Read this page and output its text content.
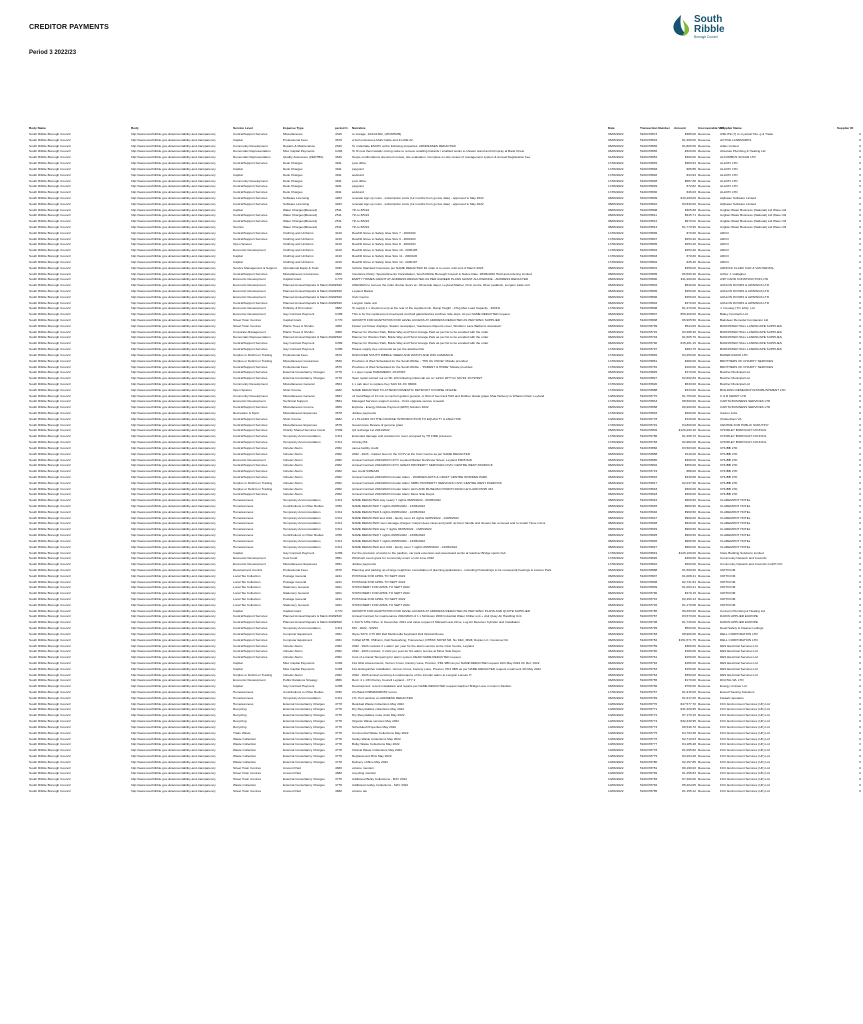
CREDITOR PAYMENTS
Period 3 2022/23
South
Ribble
Borough Council
Body Name	Body	Service Level	Expense Type	period C.	Narrative	Date	Transaction Number	Amount	Irrecoverable VAT	Supplier Name	Supplier ID
South Ribble Borough Council	http://www.southribble.gov.uk/accountability-and-transparency	Central/Support Services	Miscellaneous	4h45	to storage, 10/11/1362, (JP23/5635)	06/06/2022	5100478873	€385.00	Revenue	AIRLITE (?) to mystical Tdu..g & Trade	0
South Ribble Borough Council	http://www.southribble.gov.uk/accountability-and-transparency	Capital	Professional Fees	4576	a Full enclosures Multi Cable and Z-LINE 22	06/06/2022	5100478834	€1,366.00	Revenue	ACTIVE LANDMARKS	0
South Ribble Borough Council	http://www.southribble.gov.uk/accountability-and-transparency	Community Development	Repairs & Maintenance	2620	To undertake ESCPV at the following properties: ADDRESSES REDACTED	06/06/2022	5100478836	€1,800.00	Revenue	Adlec Limited	0
South Ribble Borough Council	http://www.southribble.gov.uk/accountability-and-transparency	Democratic Representation	Misc Capital Payments	C284	To fit new thermostatic mixing valve to remove scalding hazards / enabled works to shower stand and full spray at Bank Chest	06/06/2022	5100478865	€320.00	Revenue	Absolute Plumbing & Heating Ltd	0
South Ribble Borough Council	http://www.southribble.gov.uk/accountability-and-transparency	Democratic Representation	Quality Assurance (CEDTBS)	4546	Scope confirmations document review, site evaluation. Complete on-site review of management system & Annual Registration Fee	01/06/2022	5100478854	€360.00	Revenue	ALCOMBUS SOCAR LTD	0
South Ribble Borough Council	http://www.southribble.gov.uk/accountability-and-transparency	Central/Support Services	Desk Charges	4911	post office	17/06/2022	5100478845	€380.54	Revenue	ALLPAY LTD	0
South Ribble Borough Council	http://www.southribble.gov.uk/accountability-and-transparency	Capital	Desk Charges	4911	paypoint	17/06/2022	5100478848	€65.85	Revenue	ALLPAY LTD	0
South Ribble Borough Council	http://www.southribble.gov.uk/accountability-and-transparency	Capital	Desk Charges	4911	webcard	17/06/2022	5100478846	€43.93	Revenue	ALLPAY LTD	0
South Ribble Borough Council	http://www.southribble.gov.uk/accountability-and-transparency	Community Development	Desk Charges	4911	post office	17/06/2022	5100478828	€587.68	Revenue	ALLPAY LTD	0
South Ribble Borough Council	http://www.southribble.gov.uk/accountability-and-transparency	Central/Support Services	Desk Charges	4911	paypoint	17/06/2022	5100478829	€72.82	Revenue	ALLPAY LTD	0
South Ribble Borough Council	http://www.southribble.gov.uk/accountability-and-transparency	Central/Support Services	Desk Charges	4911	webcard	17/06/2022	5100478830	€46.03	Revenue	ALLPAY LTD	0
South Ribble Borough Council	http://www.southribble.gov.uk/accountability-and-transparency	Central/Support Services	Software Licensing	4263	renewal sign up costs - subscription costs (12 months from go live date) - approved in May 2022	08/06/2022	5100478809	€10,460.00	Revenue	Alphatec Software Limited	0
South Ribble Borough Council	http://www.southribble.gov.uk/accountability-and-transparency	Central/Support Services	Software Licensing	4263	renewal sign up costs - subscription costs (12 months from go live date) - approved in May 2022	08/06/2022	5100478810	€3,830.00	Revenue	Alphatec Software Limited	0
South Ribble Borough Council	http://www.southribble.gov.uk/accountability-and-transparency	Capital	Water Charges(Metered)	2511	7th to 8/5/22	08/06/2022	5100478808	€305.68	Revenue	Anglian Water Business (National) Ltd Wave Util	0
South Ribble Borough Council	http://www.southribble.gov.uk/accountability-and-transparency	Central/Support Services	Water Charges(Metered)	2511	7th to 8/5/22	08/06/2022	5100478811	€945.71	Revenue	Anglian Water Business (National) Ltd Wave Util	0
South Ribble Borough Council	http://www.southribble.gov.uk/accountability-and-transparency	Central/Support Services	Water Charges(Metered)	2511	7th to 8/5/22	08/06/2022	5100478812	€970.02	Revenue	Anglian Water Business (National) Ltd Wave Util	0
South Ribble Borough Council	http://www.southribble.gov.uk/accountability-and-transparency	Tourism	Water Charges(Metered)	2511	7th to 8/5/22	08/06/2022	5100478813	€1,770.99	Revenue	Anglian Water Business (National) Ltd Wave Util	0
South Ribble Borough Council	http://www.southribble.gov.uk/accountability-and-transparency	Central/Support Services	Clothing and Uniforms	4410	Rowhill Glove to Safety Glue Size 7 - 2000102	17/06/2022	5100478806	€70.60	Revenue	ARCO	0
South Ribble Borough Council	http://www.southribble.gov.uk/accountability-and-transparency	Central/Support Services	Clothing and Uniforms	4410	Rowhill Glove to Safety Glue Size 9 - 2000103	17/06/2022	5100478807	€253.40	Revenue	ARCO	0
South Ribble Borough Council	http://www.southribble.gov.uk/accountability-and-transparency	Open Spaces	Clothing and Uniforms	4410	Rowhill Glove to Safety Glue Size 8 - 2000104	17/06/2022	5100478805	€253.40	Revenue	ARCO	0
South Ribble Borough Council	http://www.southribble.gov.uk/accountability-and-transparency	Economic Development	Clothing and Uniforms	4410	Rowhill Glove to Safety Glue Size 10 - 2000105	17/06/2022	5100478804	€253.40	Revenue	ARCO	0
South Ribble Borough Council	http://www.southribble.gov.uk/accountability-and-transparency	Capital	Clothing and Uniforms	4410	Rowhill Glove to Safety Glue Size 11 - 2000106	17/06/2022	5100478803	€70.60	Revenue	ARCO	0
South Ribble Borough Council	http://www.southribble.gov.uk/accountability-and-transparency	Capital	Clothing and Uniforms	4410	Rowhill Glove to Safety Glue Size 12 - 2000107	17/06/2022	5100478802	€35.40	Revenue	ARCO	0
South Ribble Borough Council	http://www.southribble.gov.uk/accountability-and-transparency	Service Management & Support	Operational Equip & Tools	4330	Vehicle Standard Insurance per NAME REDACTED Fit order is to cover until end of March 2023	08/06/2022	5100478801	€456.00	Revenue	ARNOLD CLARK CAR & VAN RENTAL	0
South Ribble Borough Council	http://www.southribble.gov.uk/accountability-and-transparency	Central/Support Services	Miscellaneous Insurances	4530	Insurance Policy: Special Events Cancellation, South Ribble Borough Council & Notice Date: 28/06/2022 Hard and ordering Limited	08/06/2022	5100478805	€6,500.40	Revenue	Arthur J. Gallagher	0
South Ribble Borough Council	http://www.southribble.gov.uk/accountability-and-transparency	Economic Development	Capital Grant	C770	EMPTY HOMES GRANT AT ADDRESS REDACTED AS PER AGREED PLANS GRANT ALLOWANCE - ADDRESS REDACTED	08/06/2022	5100478800	€11,200.00	Revenue	ASH CANN CONSTRUCTION LTD	0
South Ribble Borough Council	http://www.southribble.gov.uk/accountability-and-transparency	Economic Development	Planned Annual Repairs & Maint 2020	2620	2022/2023 to remove the roller shutter doors at - Riverside depot, Leyland Market, Civic centre, River paddock, Longton trade unit	06/06/2022	5100478804	€540.00	Revenue	AVALON DOORS & AWNINGS LTD	0
South Ribble Borough Council	http://www.southribble.gov.uk/accountability-and-transparency	Economic Development	Planned Annual Repairs & Maint 2020	2620	Leyland Market	06/06/2022	5100478805	€450.00	Revenue	AVALON DOORS & AWNINGS LTD	0
South Ribble Borough Council	http://www.southribble.gov.uk/accountability-and-transparency	Economic Development	Planned Annual Repairs & Maint 2020	2620	Civic Centre	06/06/2022	5100478806	€450.00	Revenue	AVALON DOORS & AWNINGS LTD	0
South Ribble Borough Council	http://www.southribble.gov.uk/accountability-and-transparency	Central/Support Services	Planned Annual Repairs & Maint 2020	2620	Longton trade unit	06/06/2022	5100478804	€470.00	Revenue	AVALON DOORS & AWNINGS LTD	0
South Ribble Borough Council	http://www.southribble.gov.uk/accountability-and-transparency	Economic Development	Publicity & Promotion	4862	To supply 1 x chestnut emp at the rear of the supplied min. Ramp Height - 27kg Max Load Capacity - 400KG	17/06/2022	5100478808	€1,470.00	Revenue	J. Conway (Trn Lifts), Ltd	0
South Ribble Borough Council	http://www.southribble.gov.uk/accountability-and-transparency	Economic Development	Gay Contract Payment	C289	This is for the replacement tree/repair and ball glaze/desires at Miner side deps. As per NAME REDACTED request	06/06/2022	5100478807	€59,400.00	Revenue	Bailey Contracts Ltd	0
South Ribble Borough Council	http://www.southribble.gov.uk/accountability-and-transparency	Street Town Centres	Capital Grant	C770	GROWTH FOR ADAPTATION FOR LEVEL ACCESS AT ADDRESS REDACTED AS PER SPEC SUPPLIED	06/06/2022	5100478808	€6,905.50	Revenue	Baindeen Remodel Companion Ltd	0
South Ribble Borough Council	http://www.southribble.gov.uk/accountability-and-transparency	Street Town Centres	Plants Trees & Shrubs	4066	Flower pot flower displays, Station newspaper, 'Gardeners Reports cover, Worldern Lane Balloons downtown'	06/06/2022	5100478799	€544.05	Revenue	BANNISTER HALL LANDSCAPE SUPPLIES	0
South Ribble Borough Council	http://www.southribble.gov.uk/accountability-and-transparency	Corporate Management	Plants Trees & Shrubs	4066	Planner for Worden Park, Bolde Way and Hurst Grange Park as per list to be emailed with the order	06/06/2022	5100478791	€3,388.40	Revenue	BANNISTER HALL LANDSCAPE SUPPLIES	0
South Ribble Borough Council	http://www.southribble.gov.uk/accountability-and-transparency	Democratic Representation	Planned Annual Repairs & Maint 2020	2620	Planner for Worden Park, Bolde Way and Hurst Grange Park as per list to be emailed with the order	06/06/2022	5100478703	€1,565.70	Revenue	BANNISTER HALL LANDSCAPE SUPPLIES	0
South Ribble Borough Council	http://www.southribble.gov.uk/accountability-and-transparency	Central/Support Services	Gay Contract Payment	C289	Planner for Worden Park, Bolde Way and Hurst Grange Park as per list to be emailed with the order	06/06/2022	5100478790	€15,461.15	Revenue	BANNISTER HALL LANDSCAPE SUPPLIES	0
South Ribble Borough Council	http://www.southribble.gov.uk/accountability-and-transparency	Central/Support Services	Gay Contract Payment	C289	Please supply tree surrounds as per the attached list	17/06/2022	5100478797	€384.75	Revenue	BANNISTER HALL LANDSCAPE SUPPLIES	0
South Ribble Borough Council	http://www.southribble.gov.uk/accountability-and-transparency	Surplus or Deficit on Trading	Professional Fees	4576	DISCOVER SOUTH RIBBLE: WEED AND WATCH AND WIN CAMPAIGN	17/06/2022	5100478846	€3,450.00	Revenue	BAKER RADIO LTD	0
South Ribble Borough Council	http://www.southribble.gov.uk/accountability-and-transparency	Surplus or Deficit on Trading	Miscellaneous Insurances	4530	Provision of Wed Scheduled for the South Ribble - "HW 3G VOICE" Missile provided	17/06/2022	5100478861	€480.00	Revenue	BROTHERS OF CHARITY SERVICES	0
South Ribble Borough Council	http://www.southribble.gov.uk/accountability-and-transparency	Central/Support Services	Professional Fees	4576	Provision of Wed Scheduled for the South Ribble - "PARENT & HOME" Missile provided	17/06/2022	5100478781	€100.00	Revenue	BROTHERS OF CHARITY SERVICES	0
South Ribble Borough Council	http://www.southribble.gov.uk/accountability-and-transparency	Central/Support Services	External Consultancy Charges	4778	1 x spec repair PARAMEDIC J/C0796T	06/06/2022	5100478825	€170.00	Revenue	Butcher Municipal Ltd	0
South Ribble Borough Council	http://www.southribble.gov.uk/accountability-and-transparency	Central/Support Services	External Consultancy Charges	4778	Spec repair carried out on SK 123 following initial call out on 14/12/ 20?? for SK7Z2 J/C797827	06/06/2022	5100478827	€2,602.69	Revenue	Butcher Municipal Ltd	0
South Ribble Borough Council	http://www.southribble.gov.uk/accountability-and-transparency	Community Development	Miscellaneous General	4564	1 x cab door to replace Key SAN K4 J/C 96004	17/06/2022	5100478820	€630.00	Revenue	Butcher Municipal Ltd	0
South Ribble Borough Council	http://www.southribble.gov.uk/accountability-and-transparency	Open Spaces	Short Course	4482	NAME REDACTED TO ATTEND DOMESTIC RETROFIT COURSE ONLINE	17/06/2022	5100478888	€333.00	Revenue	BUILDING RESEARCH ESTABLISHMENT LTD	0
South Ribble Borough Council	http://www.southribble.gov.uk/accountability-and-transparency	Community Development	Miscellaneous General	4564	x4 Gold Bags of 10 mix to comfort golden general, or Roll of two track 5G6 and Rubber shade grape Shar Delivery to Wharton Park, Leyland	10/06/2022	5100478770	€1,750.00	Revenue	C & R KERRY LTD	0
South Ribble Borough Council	http://www.southribble.gov.uk/accountability-and-transparency	Economic Development	Technical Support	4564	Managed Services support service - Point upgrade service renewal	17/06/2022	5100478843	€8,590.00	Revenue	CAPITA BUSINESS SERVICES LTD	0
South Ribble Borough Council	http://www.southribble.gov.uk/accountability-and-transparency	Central/Support Services	Miscellaneous Income	4659	Exprivia - Energy Rebate Payment (EPR) Solution 2022	06/06/2022	5100478858	€9,900.00	Revenue	CAPITA BUSINESS SERVICES LTD	0
South Ribble Borough Council	http://www.southribble.gov.uk/accountability-and-transparency	Recreation & Sport	Miscellaneous Expenses	4578	Jubilee payments	17/06/2022	5100478833	€200.00	Revenue	Caxton Jobs	0
South Ribble Borough Council	http://www.southribble.gov.uk/accountability-and-transparency	Central/Support Services	Short Course	4482	2 x PLACES ON THE COURSE 'INTRODUCTION TO EQUALITY & ANALYSIS'	10/06/2022	5100478778	€120.00	Revenue	Cheltenham VA	0
South Ribble Borough Council	http://www.southribble.gov.uk/accountability-and-transparency	Central/Support Services	Miscellaneous Expenses	4578	Governance Review of genuine grant	17/06/2022	5100478791	€4,800.00	Revenue	CENTRE FOR PUBLIC SCRUTINY	0
South Ribble Borough Council	http://www.southribble.gov.uk/accountability-and-transparency	Central/Support Services	Charity Shared Services Costs	C599	Q4 recharge 1st 2021/2022	06/06/2022	5100478802	€126,200.10	Revenue	CHORLEY BOROUGH COUNCIL	0
South Ribble Borough Council	http://www.southribble.gov.uk/accountability-and-transparency	Central/Support Services	Temporary Accommodation	C311	Extended damage and cutdown for room occupied by TH FIRE prisoners	17/06/2022	5100478786	€1,368.70	Revenue	CHORLEY BOROUGH COUNCIL	0
South Ribble Borough Council	http://www.southribble.gov.uk/accountability-and-transparency	Central/Support Services	Temporary Accommodation	C311	Chorley B3	17/06/2022	5100478784	€2,982.00	Revenue	CHORLEY BOROUGH COUNCIL	0
South Ribble Borough Council	http://www.southribble.gov.uk/accountability-and-transparency	Central/Support Services	Intruder Alarm	2062	canoe facility credit	08/06/2022	5100478866	€3,503.00	Revenue	CHUBB LTD	0
South Ribble Borough Council	http://www.southribble.gov.uk/accountability-and-transparency	Central/Support Services	Intruder Alarm	2062	2022 - 2023 - Callout fees for the CCTV at the Civic Centre as per NAME REDACTED	06/06/2022	5100478858	€110.00	Revenue	CHUBB LTD	0
South Ribble Borough Council	http://www.southribble.gov.uk/accountability-and-transparency	Economic Development	Intruder Alarm	2062	Annual Contract 2022/2023 CCTV Leyland Market Northcote Street, Leyland PR25 8AK	06/06/2022	5100478850	€306.00	Revenue	CHUBB LTD	0
South Ribble Borough Council	http://www.southribble.gov.uk/accountability-and-transparency	Central/Support Services	Intruder Alarm	2062	Annual Contract 2022/2023 CCTV GREAT PROPERTY SERVICES CIVIC CENTRE WEST PADDOCK	06/06/2022	5100478802	€350.00	Revenue	CHUBB LTD	0
South Ribble Borough Council	http://www.southribble.gov.uk/accountability-and-transparency	Central/Support Services	Intruder Alarm	2062	see credit 5/0B/A38	06/06/2022	5100478719	€88.00	Revenue	CHUBB LTD	0
South Ribble Borough Council	http://www.southribble.gov.uk/accountability-and-transparency	Central/Support Services	Intruder Alarm	2062	Annual Contract 2022/2023 Intruder Alarm - WORDEN ARTS & CRAFT CENTRE WORDEN PARK	06/06/2022	5100478816	€330.68	Revenue	CHUBB LTD	0
South Ribble Borough Council	http://www.southribble.gov.uk/accountability-and-transparency	Surplus or Deficit on Trading	Intruder Alarm	2062	Annual Contract 2022/2023 Intruder Alarm SRBC PROPERTY SERVICES CIVIC CENTRE WEST PADDOCK	06/06/2022	5100478817	€2,037.90	Revenue	CHUBB LTD	0
South Ribble Borough Council	http://www.southribble.gov.uk/accountability-and-transparency	Surplus or Deficit on Trading	Intruder Alarm	2062	Annual Contract 2022/2023 Intruder Alarm LEYLAND MUSEUM CHURCH ROAD LEYLAND PR25 3FJ	06/06/2022	5100478818	€360.00	Revenue	CHUBB LTD	0
South Ribble Borough Council	http://www.southribble.gov.uk/accountability-and-transparency	Central/Support Services	Intruder Alarm	2062	Annual Contract 2022/2023 Intruder Alarm Moss Side Depot	06/06/2022	5100478823	€350.00	Revenue	CHUBB LTD	0
South Ribble Borough Council	http://www.southribble.gov.uk/accountability-and-transparency	Homelessness	Temporary Accommodation	C311	NAME REDACTED stay nearly 7 nights 06/05/2022 - 09/05/2022	08/06/2022	5100478944	€960.50	Revenue	CLAREMONT HOTEL	0
South Ribble Borough Council	http://www.southribble.gov.uk/accountability-and-transparency	Homelessness	Contributions to Other Bodies	4780	NAME REDACTED 7 nights 06/05/2022 - 13/05/2022	08/06/2022	5100478945	€960.50	Revenue	CLAREMONT HOTEL	0
South Ribble Borough Council	http://www.southribble.gov.uk/accountability-and-transparency	Homelessness	Temporary Accommodation	C311	NAME REDACTED 6 nights 06/05/2022 - 12/05/2022	08/06/2022	5100478946	€960.50	Revenue	CLAREMONT HOTEL	0
South Ribble Borough Council	http://www.southribble.gov.uk/accountability-and-transparency	Homelessness	Temporary Accommodation	C311	NAME REDACTED and child - family room 12 nights 02/05/2022 - 14/05/2022	08/06/2022	5100478947	€960.00	Revenue	CLAREMONT HOTEL	0
South Ribble Borough Council	http://www.southribble.gov.uk/accountability-and-transparency	Homelessness	Temporary Accommodation	C311	NAME REDACTED room damage charges: Carpet deep clean and patch up Door handle and shower bar removed and re install. Hove mirror	08/06/2022	5100478948	€920.00	Revenue	CLAREMONT HOTEL	0
South Ribble Borough Council	http://www.southribble.gov.uk/accountability-and-transparency	Homelessness	Temporary Accommodation	C311	NAME REDACTED stay 7 nights 06/05/2022 - 13/05/2022	08/06/2022	5100478949	€960.50	Revenue	CLAREMONT HOTEL	0
South Ribble Borough Council	http://www.southribble.gov.uk/accountability-and-transparency	Homelessness	Contributions to Other Bodies	4780	NAME REDACTED 7 nights 06/05/2022 - 13/05/2022	08/06/2022	5100478825	€960.50	Revenue	CLAREMONT HOTEL	0
South Ribble Borough Council	http://www.southribble.gov.uk/accountability-and-transparency	Homelessness	Temporary Accommodation	C311	NAME REDACTED 7 nights 06/05/2022 - 13/05/2022	08/06/2022	5100478826	€960.50	Revenue	CLAREMONT HOTEL	0
South Ribble Borough Council	http://www.southribble.gov.uk/accountability-and-transparency	Homelessness	Temporary Accommodation	C311	NAME REDACTED and child - family room 7 nights 06/05/2022 - 13/05/2022	08/06/2022	5100478827	€960.00	Revenue	CLAREMONT HOTEL	0
South Ribble Borough Council	http://www.southribble.gov.uk/accountability-and-transparency	Capital	Gay Contract Payment	C289	For the provision of works to the pavilion, car park extension and associated works at Gardner Bridge sports hub	17/06/2022	5100478819	€126,100.00	Revenue	Clare Building Solutions Limited	0
South Ribble Borough Council	http://www.southribble.gov.uk/accountability-and-transparency	Economic Development	Cost Fund	4551	Windrush event grant for community event on 22 June 2022	17/06/2022	5100478826	€450.00	Revenue	Community Network and Councils	0
South Ribble Borough Council	http://www.southribble.gov.uk/accountability-and-transparency	Economic Development	Miscellaneous Expenses	4551	Jubilee payments	17/06/2022	5100478810	€200.00	Revenue	Community Network and Councils GmbH CIC	0
South Ribble Borough Council	http://www.southribble.gov.uk/accountability-and-transparency	Development Control	Professional Fees	4576	Planning and parking up of large neighbour consultation of planning applications - including Prolandings to be reuse(and) Feelings & Leisure Park	06/06/2022	5100478888	€1,590.00	Revenue	CRITICOM	0
South Ribble Borough Council	http://www.southribble.gov.uk/accountability-and-transparency	Local Tax Collection	Postage General	4241	POSTAGE FOR APRIL TO SEPT 2022	06/06/2022	5100478807	€1,008.41	Revenue	CRITICOM	0
South Ribble Borough Council	http://www.southribble.gov.uk/accountability-and-transparency	Local Tax Collection	Postage General	4241	POSTAGE FOR APRIL TO SEPT 2022	06/06/2022	5100478808	€2,731.54	Revenue	CRITICOM	0
South Ribble Borough Council	http://www.southribble.gov.uk/accountability-and-transparency	Local Tax Collection	Stationery General	4201	STATIONERY FOR APRIL TO SEPT 2022	06/06/2022	5100478809	€1,093.41	Revenue	CRITICOM	0
South Ribble Borough Council	http://www.southribble.gov.uk/accountability-and-transparency	Local Tax Collection	Stationery General	4201	STATIONERY FOR APRIL TO SEPT 2022	06/06/2022	5100478790	€470.15	Revenue	CRITICOM	0
South Ribble Borough Council	http://www.southribble.gov.uk/accountability-and-transparency	Local Tax Collection	Postage General	4241	POSTAGE FOR APRIL TO SEPT 2022	06/06/2022	5100478791	€2,290.13	Revenue	CRITICOM	0
South Ribble Borough Council	http://www.southribble.gov.uk/accountability-and-transparency	Local Tax Collection	Stationery General	4201	STATIONERY FOR APRIL TO SEPT 2022	06/06/2022	5100478792	€1,170.08	Revenue	CRITICOM	0
South Ribble Borough Council	http://www.southribble.gov.uk/accountability-and-transparency	Capital	Capital Grant	C770	GROWTH FOR ADAPTATION FOR LEVEL ACCESS AT ADDRESS REDACTED AS PER SPEC PLANS AND QUOTE SUPPLIED	06/06/2022	5100478786	€6,393.00	Revenue	Connors Plumbing & Heating Ltd	0
South Ribble Borough Council	http://www.southribble.gov.uk/accountability-and-transparency	Central/Support Services	Planned Annual Repairs & Maint 2020	2620	Annual Contract for maintenance 2022/2023 of 1 x McGlown 2000 Industrial Water Chiller unit + visit Quay Air Handling Unit	06/06/2022	5100478787	€3,570.00	Revenue	DAIKIN APPLIED EUROPE	0
South Ribble Borough Council	http://www.southribble.gov.uk/accountability-and-transparency	Central/Support Services	Planned Annual Repairs & Maint 2020	2620	1 DAYS SITE Other. In December 2021 and value request 2 Marwell Lane Drive, Log Air Receiver Cylinder and Installation	06/06/2022	5100478708	€1,740.00	Revenue	DAIKIN APPLIED EUROPE	0
South Ribble Borough Council	http://www.southribble.gov.uk/accountability-and-transparency	Central/Support Services	Temporary Accommodation	C311	MO - 2022 - 5/5/22	08/06/2022	5100478799	€500.00	Revenue	Dead Safety & Cleaner Lettings	0
South Ribble Borough Council	http://www.southribble.gov.uk/accountability-and-transparency	Central/Support Services	Computer Equipment	4361	Wyse 5470, C70 200 Dell Multimedia Keyboard Dell Optical Mouse	06/06/2022	5100478783	€8,900.00	Revenue	DELL CORPORATION LTD	0
South Ribble Borough Council	http://www.southribble.gov.uk/accountability-and-transparency	Central/Support Services	Computer Equipment	4361	VxRail 18TB, VMFarm, Dell Networking, Transceiver, DTBSX SFP28 SR, No FEC, MMF, Duplex LC, Customer Kit	06/06/2022	5100478784	€151,571.75	Revenue	DELL CORPORATION LTD	0
South Ribble Borough Council	http://www.southribble.gov.uk/accountability-and-transparency	Central/Support Services	Intruder Alarm	2062	2022 - 2023 contract 3 x alarm per year for fire alarm service at the Civic Centre, Leyland	06/06/2022	5100478759	€380.00	Revenue	DES Electrical Services Ltd	0
South Ribble Borough Council	http://www.southribble.gov.uk/accountability-and-transparency	Central/Support Services	Intruder Alarm	2062	2022 - 2023 contract, 2 visits per year for fire alarm service at Moss Side Depot	06/06/2022	5100478760	€180.00	Revenue	DES Electrical Services Ltd	0
South Ribble Borough Council	http://www.southribble.gov.uk/accountability-and-transparency	Central/Support Services	Intruder Alarm	2062	Cost of a Canal Tampering for alarm system NEAR NAME REDACTED request	06/06/2022	5100478761	€150.00	Revenue	DES Electrical Services Ltd	0
South Ribble Borough Council	http://www.southribble.gov.uk/accountability-and-transparency	Capital	Misc Capital Payments	C284	Fire Risk Assessments, Vernon Cross, Factory Lane, Preston, PR1 9BN as per NAME REDACTED request 10th May 2022 On Ref: 1922	06/06/2022	5100478762	€180.00	Revenue	DES Electrical Services Ltd	0
South Ribble Borough Council	http://www.southribble.gov.uk/accountability-and-transparency	Capital	Misc Capital Payments	C284	Fire Extinguisher Installation, Vernon Cross, Factory Lane, Preston, PR1 9BN as per NAME REDACTED request email sent 4th May 2022	06/06/2022	5100478763	€150.00	Revenue	DES Electrical Services Ltd	0
South Ribble Borough Council	http://www.southribble.gov.uk/accountability-and-transparency	Surplus or Deficit on Trading	Intruder Alarm	2062	2022 - 2023 annual servicing & maintenance of the intruder alarm at Longton Leisure H	06/06/2022	5100478764	€350.00	Revenue	DES Electrical Services Ltd	0
South Ribble Borough Council	http://www.southribble.gov.uk/accountability-and-transparency	Economic Development	Public Relations Strategy	4866	Rent: 4 x 1/8 Chorley Council Leyland - CTY 2	06/06/2022	5100478765	€170.00	Revenue	DIGITAL WL LTD	0
South Ribble Borough Council	http://www.southribble.gov.uk/accountability-and-transparency	Capital	Gay Contract Payment	C289	Development: recent installation and repairs per NAME REDACTED request Gardner Bridge Lane in Gomm Pavilion	06/06/2022	5100478766	€750.00	Revenue	Energy minister Ltd	0
South Ribble Borough Council	http://www.southribble.gov.uk/accountability-and-transparency	Homelessness	Contributions to Other Bodies	4780	CG Bank F/IBM/MARP/R/ rooms	17/06/2022	5100478767	€1,915.00	Revenue	Essed Housing Solutions	0
South Ribble Borough Council	http://www.southribble.gov.uk/accountability-and-transparency	Homelessness	Temporary Accommodation	C311	1%, Port window on ADDRESS REDACTED	06/06/2022	5100478769	€1,917.00	Revenue	Faraah repeaters	0
South Ribble Borough Council	http://www.southribble.gov.uk/accountability-and-transparency	Homelessness	External Consultancy Charges	4778	Residual Waste Collections May 2022	10/06/2022	5100478770	€47,577.70	Revenue	FCC Environment Services (UK) Ltd	0
South Ribble Borough Council	http://www.southribble.gov.uk/accountability-and-transparency	Recycling	External Consultancy Charges	4778	Dry Recyclables collections May 2022	10/06/2022	5100478771	€31,220.95	Revenue	FCC Environment Services (UK) Ltd	0
South Ribble Borough Council	http://www.southribble.gov.uk/accountability-and-transparency	Recycling	External Consultancy Charges	4778	Dry Recyclables route visits May 2022	10/06/2022	5100478772	€7,179.15	Revenue	FCC Environment Services (UK) Ltd	0
South Ribble Borough Council	http://www.southribble.gov.uk/accountability-and-transparency	Recycling	External Consultancy Charges	4778	Organic Waste services May 2022	10/06/2022	5100478773	€32,330.95	Revenue	FCC Environment Services (UK) Ltd	0
South Ribble Borough Council	http://www.southribble.gov.uk/accountability-and-transparency	Recycling	External Consultancy Charges	4778	Scheduled Properties May 2022	10/06/2022	5100478774	€6,549.76	Revenue	FCC Environment Services (UK) Ltd	0
South Ribble Borough Council	http://www.southribble.gov.uk/accountability-and-transparency	Trade Waste	External Consultancy Charges	4778	Commercial Waste Collections May 2022	10/06/2022	5100478775	€4,703.38	Revenue	FCC Environment Services (UK) Ltd	0
South Ribble Borough Council	http://www.southribble.gov.uk/accountability-and-transparency	Waste Collection	External Consultancy Charges	4778	Gulley Waste Collections May 2022	10/06/2022	5100478776	€2,710.03	Revenue	FCC Environment Services (UK) Ltd	0
South Ribble Borough Council	http://www.southribble.gov.uk/accountability-and-transparency	Waste Collection	External Consultancy Charges	4778	Bulky Waste Collections May 2022	10/06/2022	5100478777	€4,185.48	Revenue	FCC Environment Services (UK) Ltd	0
South Ribble Borough Council	http://www.southribble.gov.uk/accountability-and-transparency	Waste Collection	External Consultancy Charges	4778	Clinical Waste Collections May 2022	10/06/2022	5100478778	€1,095.60	Revenue	FCC Environment Services (UK) Ltd	0
South Ribble Borough Council	http://www.southribble.gov.uk/accountability-and-transparency	Waste Collection	External Consultancy Charges	4778	Replacement Bins May 2022	10/06/2022	5100478779	€3,464.28	Revenue	FCC Environment Services (UK) Ltd	0
South Ribble Borough Council	http://www.southribble.gov.uk/accountability-and-transparency	Waste Collection	External Consultancy Charges	4778	Delivery of Bins May 2022	10/06/2022	5100478780	€2,157.85	Revenue	FCC Environment Services (UK) Ltd	0
South Ribble Borough Council	http://www.southribble.gov.uk/accountability-and-transparency	Street Town Centres	Amount Paid	4680	volume mention	10/06/2022	5100478781	€6,190.00	Revenue	FCC Environment Services (UK) Ltd	0
South Ribble Borough Council	http://www.southribble.gov.uk/accountability-and-transparency	Street Town Centres	Amount Paid	4680	recycling mention	10/06/2022	5100478782	€1,455.63	Revenue	FCC Environment Services (UK) Ltd	0
South Ribble Borough Council	http://www.southribble.gov.uk/accountability-and-transparency	Street Town Centres	External Consultancy Charges	4778	Additional Bulky Collections - MAY 2022	10/06/2022	5100478783	€7,200.00	Revenue	FCC Environment Services (UK) Ltd	0
South Ribble Borough Council	http://www.southribble.gov.uk/accountability-and-transparency	Waste Collection	External Consultancy Charges	4778	Additional Gulley Collections - MAY 2022	10/06/2022	5100478784	€5,404.05	Revenue	FCC Environment Services (UK) Ltd	0
South Ribble Borough Council	http://www.southribble.gov.uk/accountability-and-transparency	Street Town Centres	Amount Paid	4680	volume tax	10/06/2022	5100478785	€1,155.12	Revenue	FCC Environment Services (UK) Ltd	0
